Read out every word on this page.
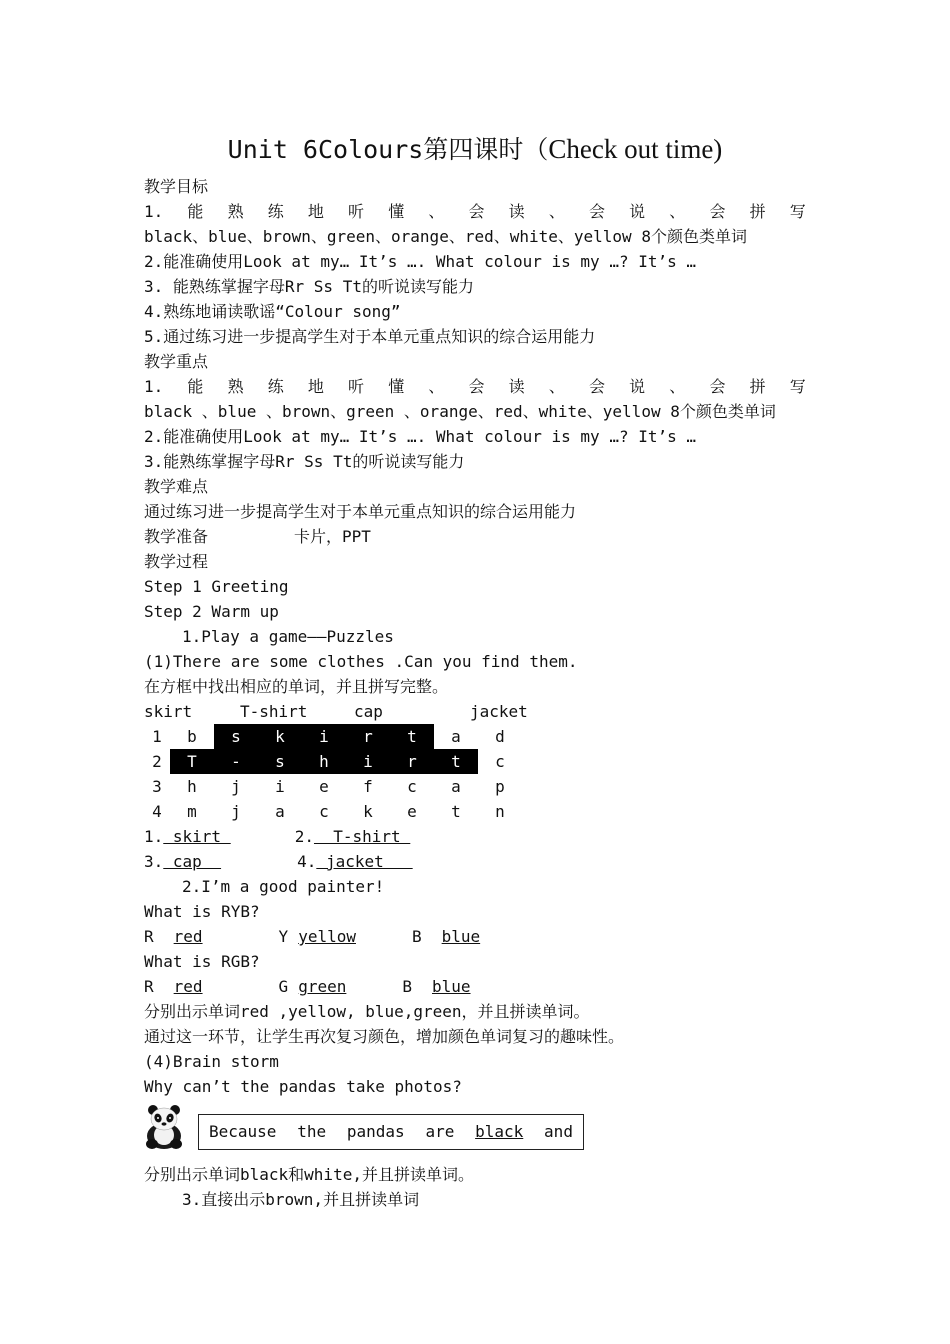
Unit 6Colours第四课时（Check out time)
教学目标
1. 能 熟 练 地 听 懂 、 会 读 、 会 说 、 会 拼 写
black、blue、brown、green、orange、red、white、yellow 8个颜色类单词
2.能准确使用Look at my… It’s …. What colour is my …? It’s …
3. 能熟练掌握字母Rr Ss Tt的听说读写能力
4.熟练地诵读歌谣“Colour song”
5.通过练习进一步提高学生对于本单元重点知识的综合运用能力
教学重点
1. 能 熟 练 地 听 懂 、 会 读 、 会 说 、 会 拼 写
black 、blue 、brown、green 、orange、red、white、yellow 8个颜色类单词
2.能准确使用Look at my… It’s …. What colour is my …? It’s …
3.能熟练掌握字母Rr Ss Tt的听说读写能力
教学难点
通过练习进一步提高学生对于本单元重点知识的综合运用能力
教学准备	卡片，PPT
教学过程
Step 1 Greeting
Step 2 Warm up
1.Play a game——Puzzles
(1)There are some clothes .Can you find them.
在方框中找出相应的单词，并且拼写完整。
skirt	T-shirt	cap	jacket
1	b	s	k	i	r	t	a	d
2	T	-	s	h	i	r	t	c
3	h	j	i	e	f	c	a	p
4	m	j	a	c	k	e	t	n
1. skirt	2.  T-shirt
3. cap	4. jacket
2.I’m a good painter!
What is RYB?
R red	Y yellow	B blue
What is RGB?
R red	G green	B blue
分别出示单词red ,yellow, blue,green，并且拼读单词。
通过这一环节，让学生再次复习颜色，增加颜色单词复习的趣味性。
(4)Brain storm
Why can’t the pandas take photos?
Because the pandas are black and
分别出示单词black和white,并且拼读单词。
3.直接出示brown,并且拼读单词
